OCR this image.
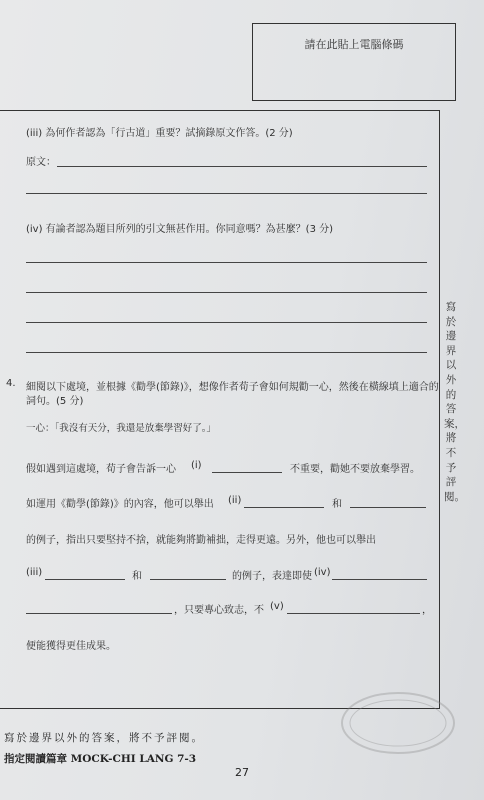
請在此貼上電腦條碼
(iii) 為何作者認為「行古道」重要？試摘錄原文作答。(2 分)
原文：
(iv) 有論者認為題目所列的引文無甚作用。你同意嗎？為甚麼？(3 分)
4. 細閱以下處境，並根據《勸學(節錄)》，想像作者荀子會如何規勸一心，然後在橫線填上適合的
詞句。(5 分)
一心：「我沒有天分，我還是放棄學習好了。」
假如遇到這處境，荀子會告訴一心 (i)	不重要，勸她不要放棄學習。
如運用《勸學(節錄)》的內容，他可以舉出 (ii)	和
的例子，指出只要堅持不捨，就能夠將勤補拙，走得更遠。另外，他也可以舉出
(iii)	和	的例子，表達即使 (iv)
，只要專心致志，不 (v)	，
便能獲得更佳成果。
寫於邊界以外的答案，將不予評閱。
寫於邊界以外的答案，將不予評閱。
指定閱讀篇章 MOCK-CHI LANG 7-3
27
